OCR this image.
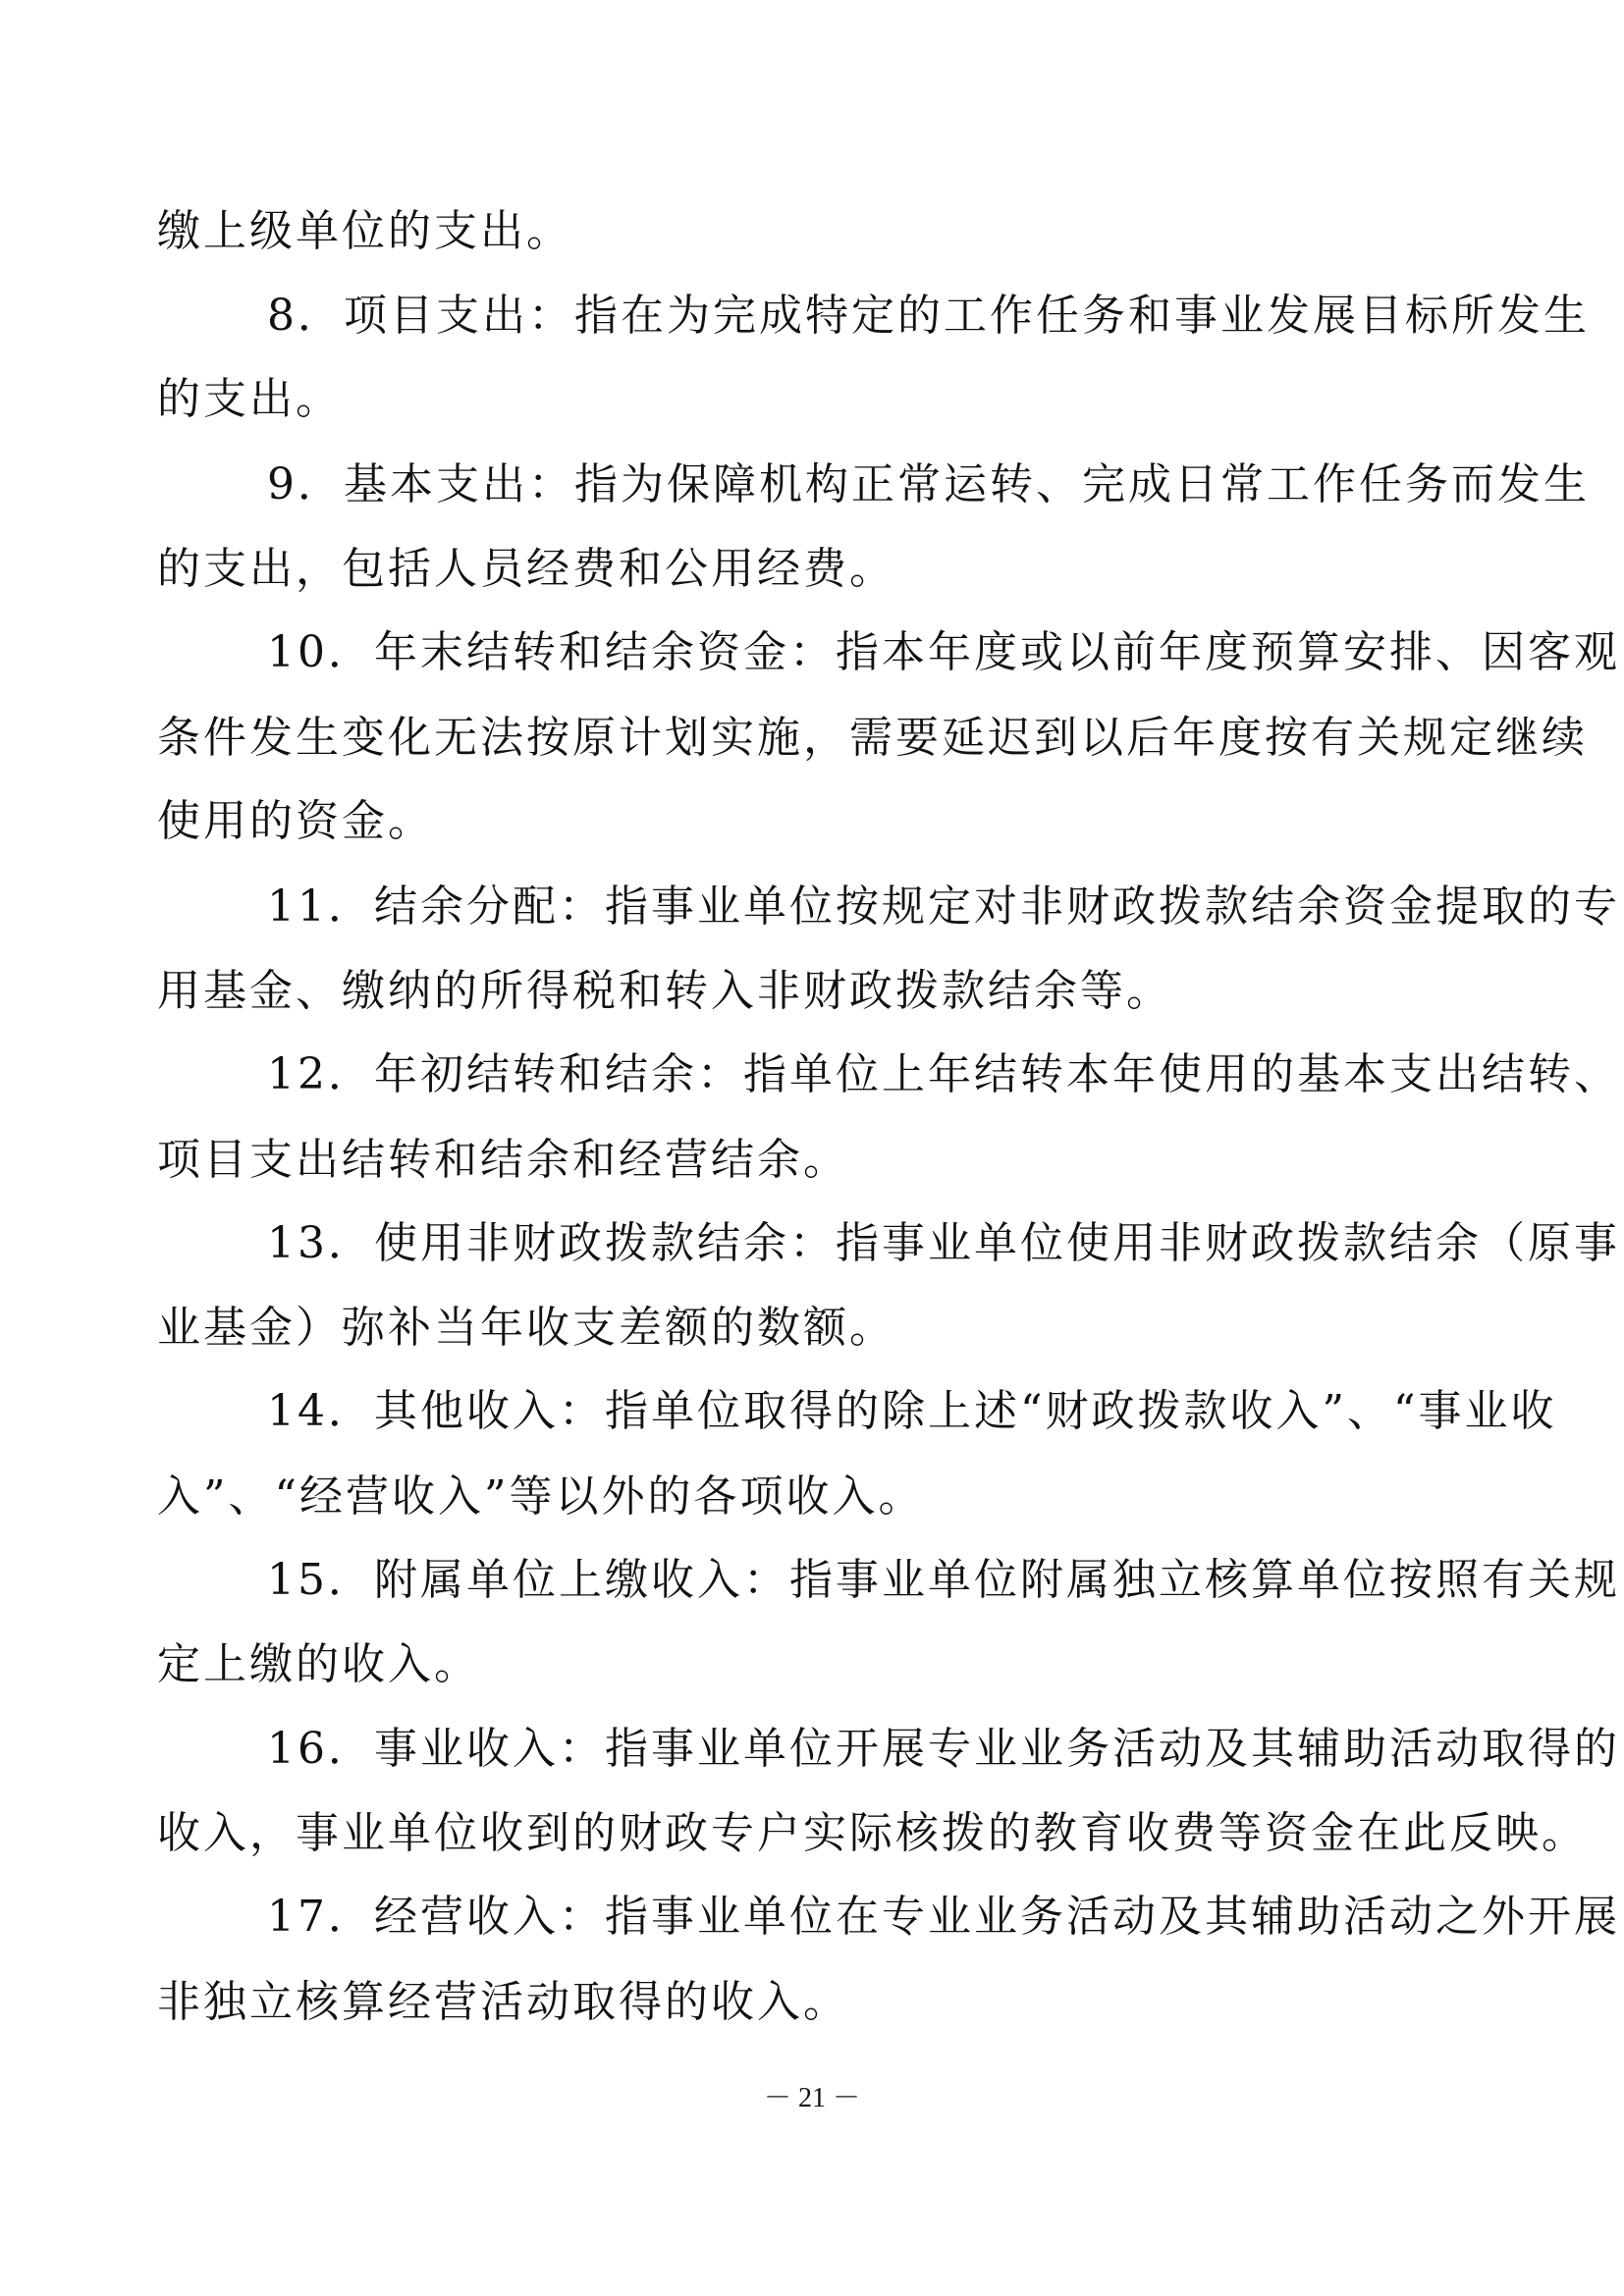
缴上级单位的支出。
8．项目支出：指在为完成特定的工作任务和事业发展目标所发生
的支出。
9．基本支出：指为保障机构正常运转、完成日常工作任务而发生
的支出，包括人员经费和公用经费。
10．年末结转和结余资金：指本年度或以前年度预算安排、因客观
条件发生变化无法按原计划实施，需要延迟到以后年度按有关规定继续
使用的资金。
11．结余分配：指事业单位按规定对非财政拨款结余资金提取的专
用基金、缴纳的所得税和转入非财政拨款结余等。
12．年初结转和结余：指单位上年结转本年使用的基本支出结转、
项目支出结转和结余和经营结余。
13．使用非财政拨款结余：指事业单位使用非财政拨款结余（原事
业基金）弥补当年收支差额的数额。
14．其他收入：指单位取得的除上述“财政拨款收入”、“事业收
入”、“经营收入”等以外的各项收入。
15．附属单位上缴收入：指事业单位附属独立核算单位按照有关规
定上缴的收入。
16．事业收入：指事业单位开展专业业务活动及其辅助活动取得的
收入，事业单位收到的财政专户实际核拨的教育收费等资金在此反映。
17．经营收入：指事业单位在专业业务活动及其辅助活动之外开展
非独立核算经营活动取得的收入。
－ 21 －
